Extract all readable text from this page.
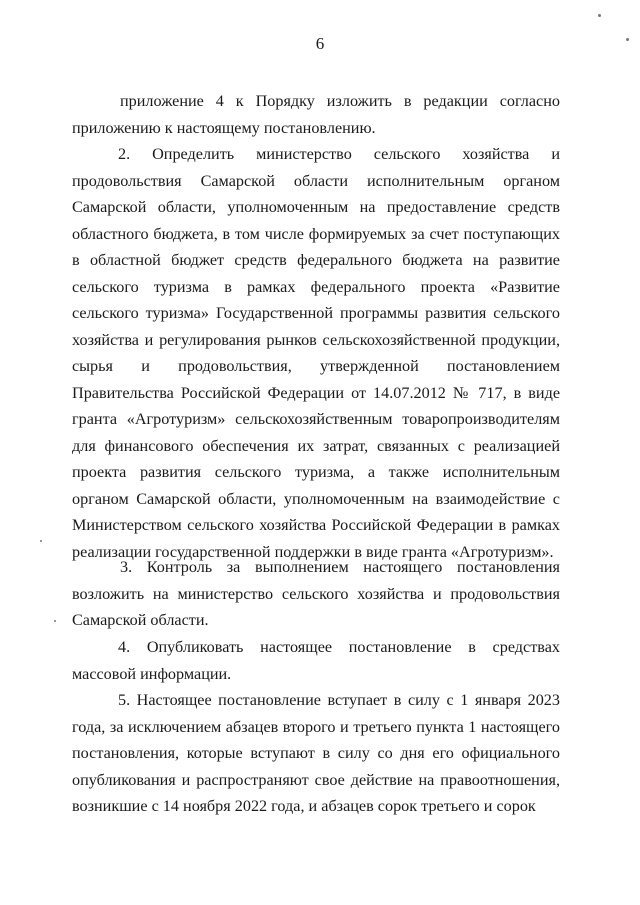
6

приложение 4 к Порядку изложить в редакции согласно приложению к настоящему постановлению.

2. Определить министерство сельского хозяйства и продовольствия Самарской области исполнительным органом Самарской области, уполномоченным на предоставление средств областного бюджета, в том числе формируемых за счет поступающих в областной бюджет средств федерального бюджета на развитие сельского туризма в рамках федерального проекта «Развитие сельского туризма» Государственной программы развития сельского хозяйства и регулирования рынков сельскохозяйственной продукции, сырья и продовольствия, утвержденной постановлением Правительства Российской Федерации от 14.07.2012 № 717, в виде гранта «Агротуризм» сельскохозяйственным товаропроизводителям для финансового обеспечения их затрат, связанных с реализацией проекта развития сельского туризма, а также исполнительным органом Самарской области, уполномоченным на взаимодействие с Министерством сельского хозяйства Российской Федерации в рамках реализации государственной поддержки в виде гранта «Агротуризм».

3. Контроль за выполнением настоящего постановления возложить на министерство сельского хозяйства и продовольствия Самарской области.

4. Опубликовать настоящее постановление в средствах массовой информации.

5. Настоящее постановление вступает в силу с 1 января 2023 года, за исключением абзацев второго и третьего пункта 1 настоящего постановления, которые вступают в силу со дня его официального опубликования и распространяют свое действие на правоотношения, возникшие с 14 ноября 2022 года, и абзацев сорок третьего и сорок
